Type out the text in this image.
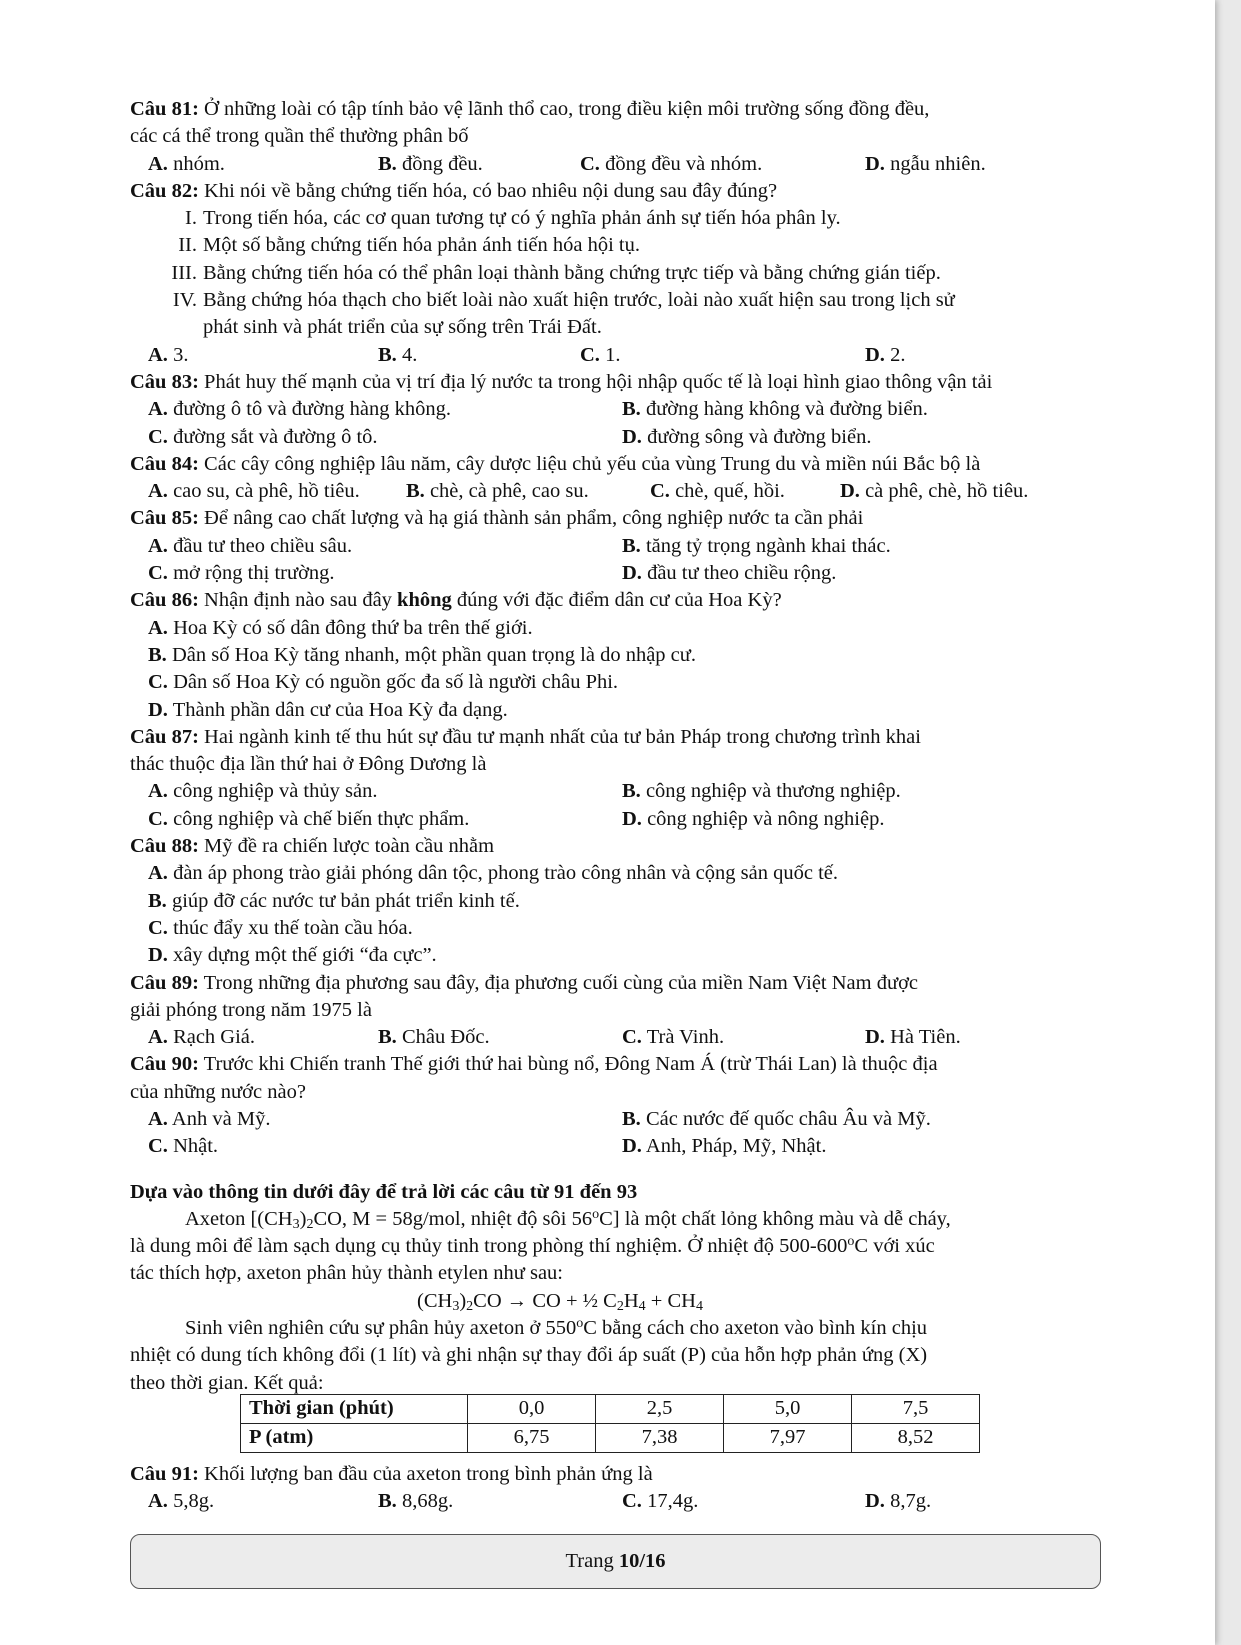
Câu 81: Ở những loài có tập tính bảo vệ lãnh thổ cao, trong điều kiện môi trường sống đồng đều,
các cá thể trong quần thể thường phân bố
A. nhóm.	B. đồng đều.	C. đồng đều và nhóm.	D. ngẫu nhiên.
Câu 82: Khi nói về bằng chứng tiến hóa, có bao nhiêu nội dung sau đây đúng?
I. Trong tiến hóa, các cơ quan tương tự có ý nghĩa phản ánh sự tiến hóa phân ly.
II. Một số bằng chứng tiến hóa phản ánh tiến hóa hội tụ.
III. Bằng chứng tiến hóa có thể phân loại thành bằng chứng trực tiếp và bằng chứng gián tiếp.
IV. Bằng chứng hóa thạch cho biết loài nào xuất hiện trước, loài nào xuất hiện sau trong lịch sử
phát sinh và phát triển của sự sống trên Trái Đất.
A. 3.	B. 4.	C. 1.	D. 2.
Câu 83: Phát huy thế mạnh của vị trí địa lý nước ta trong hội nhập quốc tế là loại hình giao thông vận tải
A. đường ô tô và đường hàng không.	B. đường hàng không và đường biển.
C. đường sắt và đường ô tô.	D. đường sông và đường biển.
Câu 84: Các cây công nghiệp lâu năm, cây dược liệu chủ yếu của vùng Trung du và miền núi Bắc bộ là
A. cao su, cà phê, hồ tiêu. B. chè, cà phê, cao su.	C. chè, quế, hồi.	D. cà phê, chè, hồ tiêu.
Câu 85: Để nâng cao chất lượng và hạ giá thành sản phẩm, công nghiệp nước ta cần phải
A. đầu tư theo chiều sâu.	B. tăng tỷ trọng ngành khai thác.
C. mở rộng thị trường.	D. đầu tư theo chiều rộng.
Câu 86: Nhận định nào sau đây không đúng với đặc điểm dân cư của Hoa Kỳ?
A. Hoa Kỳ có số dân đông thứ ba trên thế giới.
B. Dân số Hoa Kỳ tăng nhanh, một phần quan trọng là do nhập cư.
C. Dân số Hoa Kỳ có nguồn gốc đa số là người châu Phi.
D. Thành phần dân cư của Hoa Kỳ đa dạng.
Câu 87: Hai ngành kinh tế thu hút sự đầu tư mạnh nhất của tư bản Pháp trong chương trình khai
thác thuộc địa lần thứ hai ở Đông Dương là
A. công nghiệp và thủy sản.	B. công nghiệp và thương nghiệp.
C. công nghiệp và chế biến thực phẩm.	D. công nghiệp và nông nghiệp.
Câu 88: Mỹ đề ra chiến lược toàn cầu nhằm
A. đàn áp phong trào giải phóng dân tộc, phong trào công nhân và cộng sản quốc tế.
B. giúp đỡ các nước tư bản phát triển kinh tế.
C. thúc đẩy xu thế toàn cầu hóa.
D. xây dựng một thế giới “đa cực”.
Câu 89: Trong những địa phương sau đây, địa phương cuối cùng của miền Nam Việt Nam được
giải phóng trong năm 1975 là
A. Rạch Giá.	B. Châu Đốc.	C. Trà Vinh.	D. Hà Tiên.
Câu 90: Trước khi Chiến tranh Thế giới thứ hai bùng nổ, Đông Nam Á (trừ Thái Lan) là thuộc địa
của những nước nào?
A. Anh và Mỹ.	B. Các nước đế quốc châu Âu và Mỹ.
C. Nhật.	D. Anh, Pháp, Mỹ, Nhật.
Dựa vào thông tin dưới đây để trả lời các câu từ 91 đến 93
Axeton [$(CH_3)_2CO$, M = 58g/mol, nhiệt độ sôi 56$^o$C] là một chất lỏng không màu và dễ cháy,
là dung môi để làm sạch dụng cụ thủy tinh trong phòng thí nghiệm. Ở nhiệt độ 500-600$^o$C với xúc
tác thích hợp, axeton phân hủy thành etylen như sau:
$(CH_3)_2CO$ → CO + ½ $C_2H_4 + CH_4$
Sinh viên nghiên cứu sự phân hủy axeton ở 550$^o$C bằng cách cho axeton vào bình kín chịu
nhiệt có dung tích không đổi (1 lít) và ghi nhận sự thay đổi áp suất (P) của hỗn hợp phản ứng (X)
theo thời gian. Kết quả:
Thời gian (phút)	0,0	2,5	5,0	7,5
P (atm)	6,75	7,38	7,97	8,52
Câu 91: Khối lượng ban đầu của axeton trong bình phản ứng là
A. 5,8g.	B. 8,68g.	C. 17,4g.	D. 8,7g.
Trang
10/16
